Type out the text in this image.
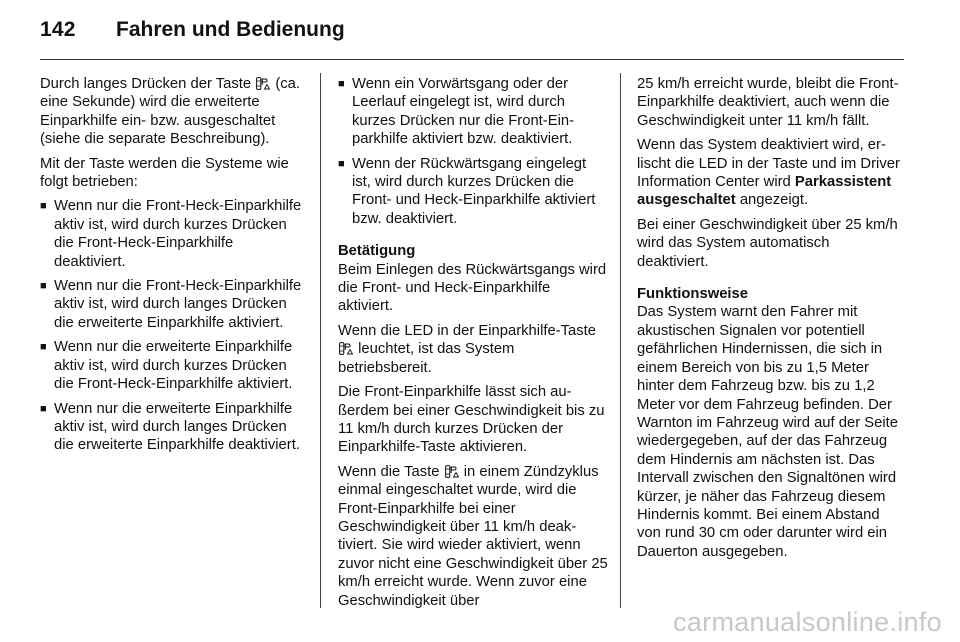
142 Fahren und Bedienung

Durch langes Drücken der Taste (ca. eine Sekunde) wird die erweiterte Einparkhilfe ein- bzw. ausgeschaltet (siehe die separate Beschreibung).

Mit der Taste werden die Systeme wie folgt betrieben:

■ Wenn nur die Front-Heck-Einparkhilfe aktiv ist, wird durch kurzes Drücken die Front-Heck-Einparkhilfe deaktiviert.
■ Wenn nur die Front-Heck-Einparkhilfe aktiv ist, wird durch langes Drücken die erweiterte Einparkhilfe aktiviert.
■ Wenn nur die erweiterte Einparkhilfe aktiv ist, wird durch kurzes Drücken die Front-Heck-Einparkhilfe aktiviert.
■ Wenn nur die erweiterte Einparkhilfe aktiv ist, wird durch langes Drücken die erweiterte Einparkhilfe deaktiviert.
■ Wenn ein Vorwärtsgang oder der Leerlauf eingelegt ist, wird durch kurzes Drücken nur die Front-Einparkhilfe aktiviert bzw. deaktiviert.
■ Wenn der Rückwärtsgang eingelegt ist, wird durch kurzes Drücken die Front- und Heck-Einparkhilfe aktiviert bzw. deaktiviert.
Betätigung

Beim Einlegen des Rückwärtsgangs wird die Front- und Heck-Einparkhilfe aktiviert.

Wenn die LED in der Einparkhilfe-Taste
leuchtet, ist das System betriebsbereit.

Die Front-Einparkhilfe lässt sich außerdem bei einer Geschwindigkeit bis zu 11 km/h durch kurzes Drücken der Einparkhilfe-Taste aktivieren.

Wenn die Taste in einem Zündzyklus einmal eingeschaltet wurde, wird die Front-Einparkhilfe bei einer Geschwindigkeit über 11 km/h deaktiviert. Sie wird wieder aktiviert, wenn zuvor nicht eine Geschwindigkeit über 25 km/h erreicht wurde. Wenn zuvor eine Geschwindigkeit über

25 km/h erreicht wurde, bleibt die Front-Einparkhilfe deaktiviert, auch wenn die Geschwindigkeit unter 11 km/h fällt.

Wenn das System deaktiviert wird, erlischt die LED in der Taste und im Driver Information Center wird Parkassistent ausgeschaltet angezeigt.

Bei einer Geschwindigkeit über 25 km/h wird das System automatisch deaktiviert.

Funktionsweise

Das System warnt den Fahrer mit akustischen Signalen vor potentiell gefährlichen Hindernissen, die sich in einem Bereich von bis zu 1,5 Meter hinter dem Fahrzeug bzw. bis zu 1,2 Meter vor dem Fahrzeug befinden. Der Warnton im Fahrzeug wird auf der Seite wiedergegeben, auf der das Fahrzeug dem Hindernis am nächsten ist. Das Intervall zwischen den Signaltönen wird kürzer, je näher das Fahrzeug diesem Hindernis kommt. Bei einem Abstand von rund 30 cm oder darunter wird ein Dauerton ausgegeben.

carmanualsonline.info
